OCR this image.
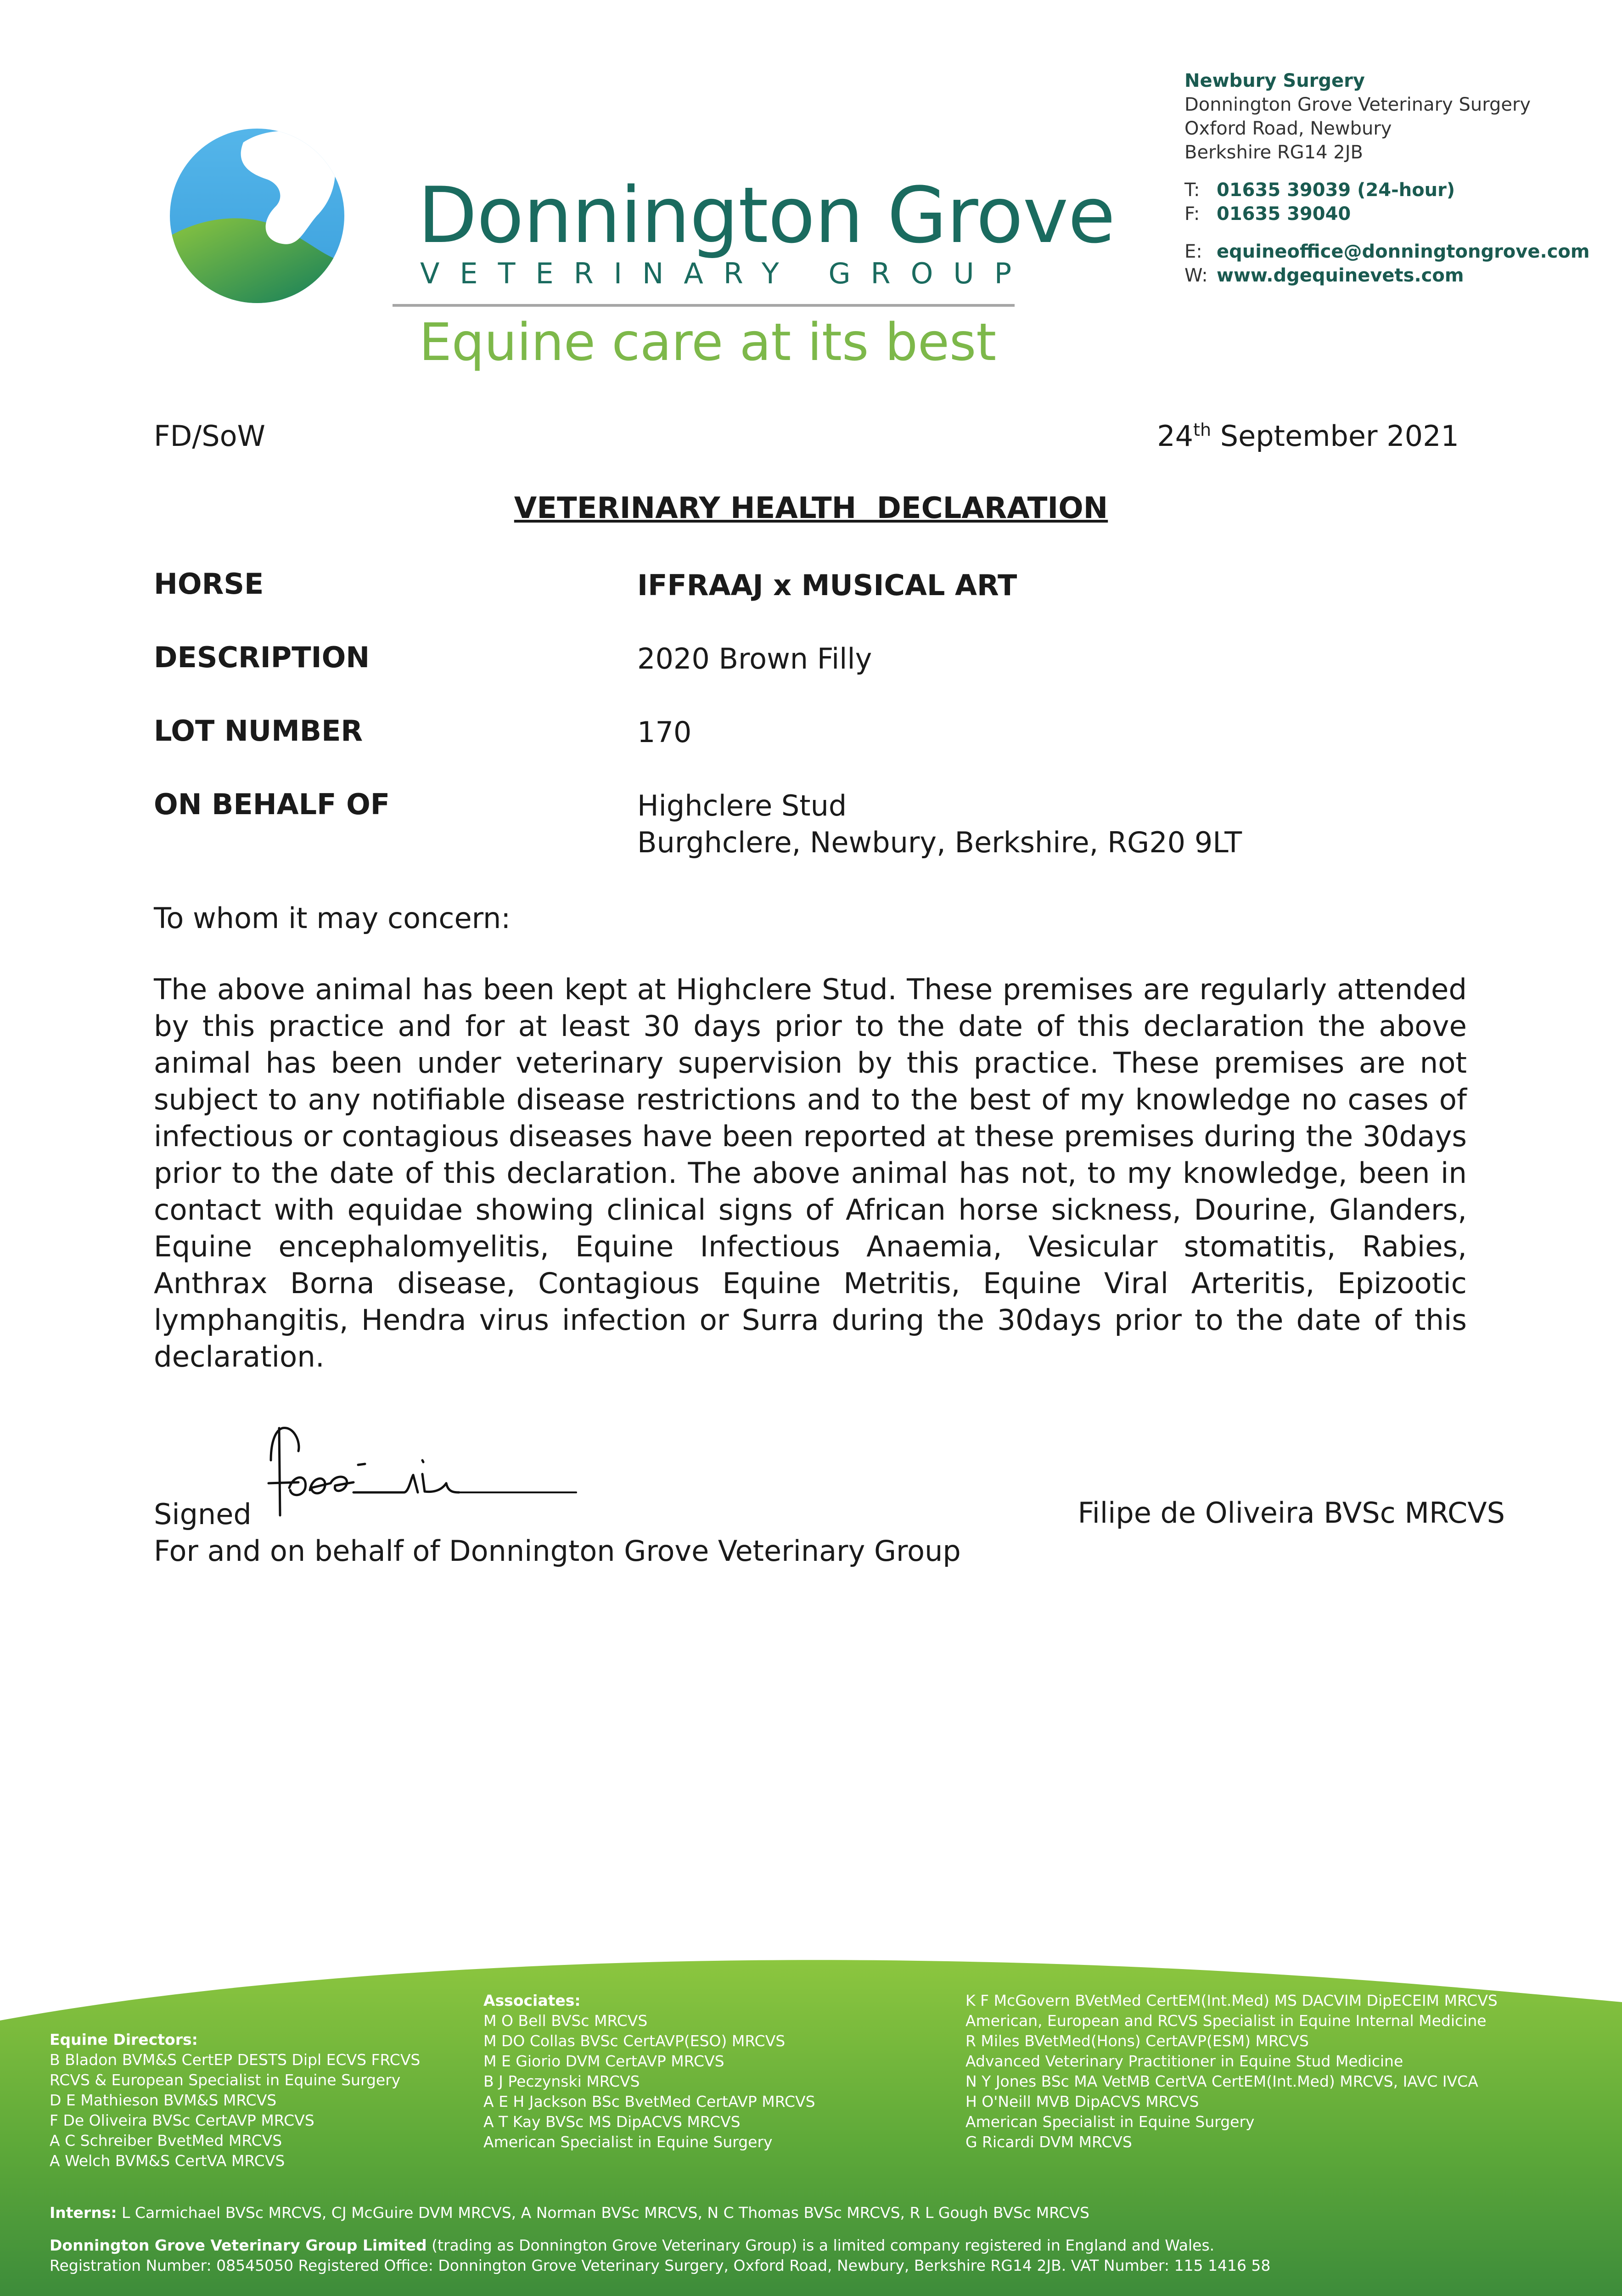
Donnington Grove
VETERINARY GROUP
Equine care at its best
Newbury Surgery
Donnington Grove Veterinary Surgery
Oxford Road, Newbury
Berkshire RG14 2JB
T: 01635 39039 (24-hour)
F: 01635 39040
E: equineoffice@donningtongrove.com
W: www.dgequinevets.com
FD/SoW	24th September 2021
VETERINARY HEALTH  DECLARATION
HORSE	IFFRAAJ x MUSICAL ART
DESCRIPTION	2020 Brown Filly
LOT NUMBER	170
ON BEHALF OF	Highclere Stud
Burghclere, Newbury, Berkshire, RG20 9LT
To whom it may concern:
The above animal has been kept at Highclere Stud. These premises are regularly attended by this practice and for at least 30 days prior to the date of this declaration the above animal has been under veterinary supervision by this practice. These premises are not subject to any notifiable disease restrictions and to the best of my knowledge no cases of infectious or contagious diseases have been reported at these premises during the 30days prior to the date of this declaration. The above animal has not, to my knowledge, been in contact with equidae showing clinical signs of African horse sickness, Dourine, Glanders, Equine encephalomyelitis, Equine Infectious Anaemia, Vesicular stomatitis, Rabies, Anthrax Borna disease, Contagious Equine Metritis, Equine Viral Arteritis, Epizootic lymphangitis, Hendra virus infection or Surra during the 30days prior to the date of this declaration.
Signed	Filipe de Oliveira BVSc MRCVS
For and on behalf of Donnington Grove Veterinary Group
Equine Directors:
B Bladon BVM&S CertEP DESTS Dipl ECVS FRCVS
RCVS & European Specialist in Equine Surgery
D E Mathieson BVM&S MRCVS
F De Oliveira BVSc CertAVP MRCVS
A C Schreiber BvetMed MRCVS
A Welch BVM&S CertVA MRCVS
Associates:
M O Bell BVSc MRCVS
M DO Collas BVSc CertAVP(ESO) MRCVS
M E Giorio DVM CertAVP MRCVS
B J Peczynski MRCVS
A E H Jackson BSc BvetMed CertAVP MRCVS
A T Kay BVSc MS DipACVS MRCVS
American Specialist in Equine Surgery
K F McGovern BVetMed CertEM(Int.Med) MS DACVIM DipECEIM MRCVS
American, European and RCVS Specialist in Equine Internal Medicine
R Miles BVetMed(Hons) CertAVP(ESM) MRCVS
Advanced Veterinary Practitioner in Equine Stud Medicine
N Y Jones BSc MA VetMB CertVA CertEM(Int.Med) MRCVS, IAVC IVCA
H O'Neill MVB DipACVS MRCVS
American Specialist in Equine Surgery
G Ricardi DVM MRCVS
Interns: L Carmichael BVSc MRCVS, CJ McGuire DVM MRCVS, A Norman BVSc MRCVS, N C Thomas BVSc MRCVS, R L Gough BVSc MRCVS
Donnington Grove Veterinary Group Limited (trading as Donnington Grove Veterinary Group) is a limited company registered in England and Wales.
Registration Number: 08545050 Registered Office: Donnington Grove Veterinary Surgery, Oxford Road, Newbury, Berkshire RG14 2JB. VAT Number: 115 1416 58
